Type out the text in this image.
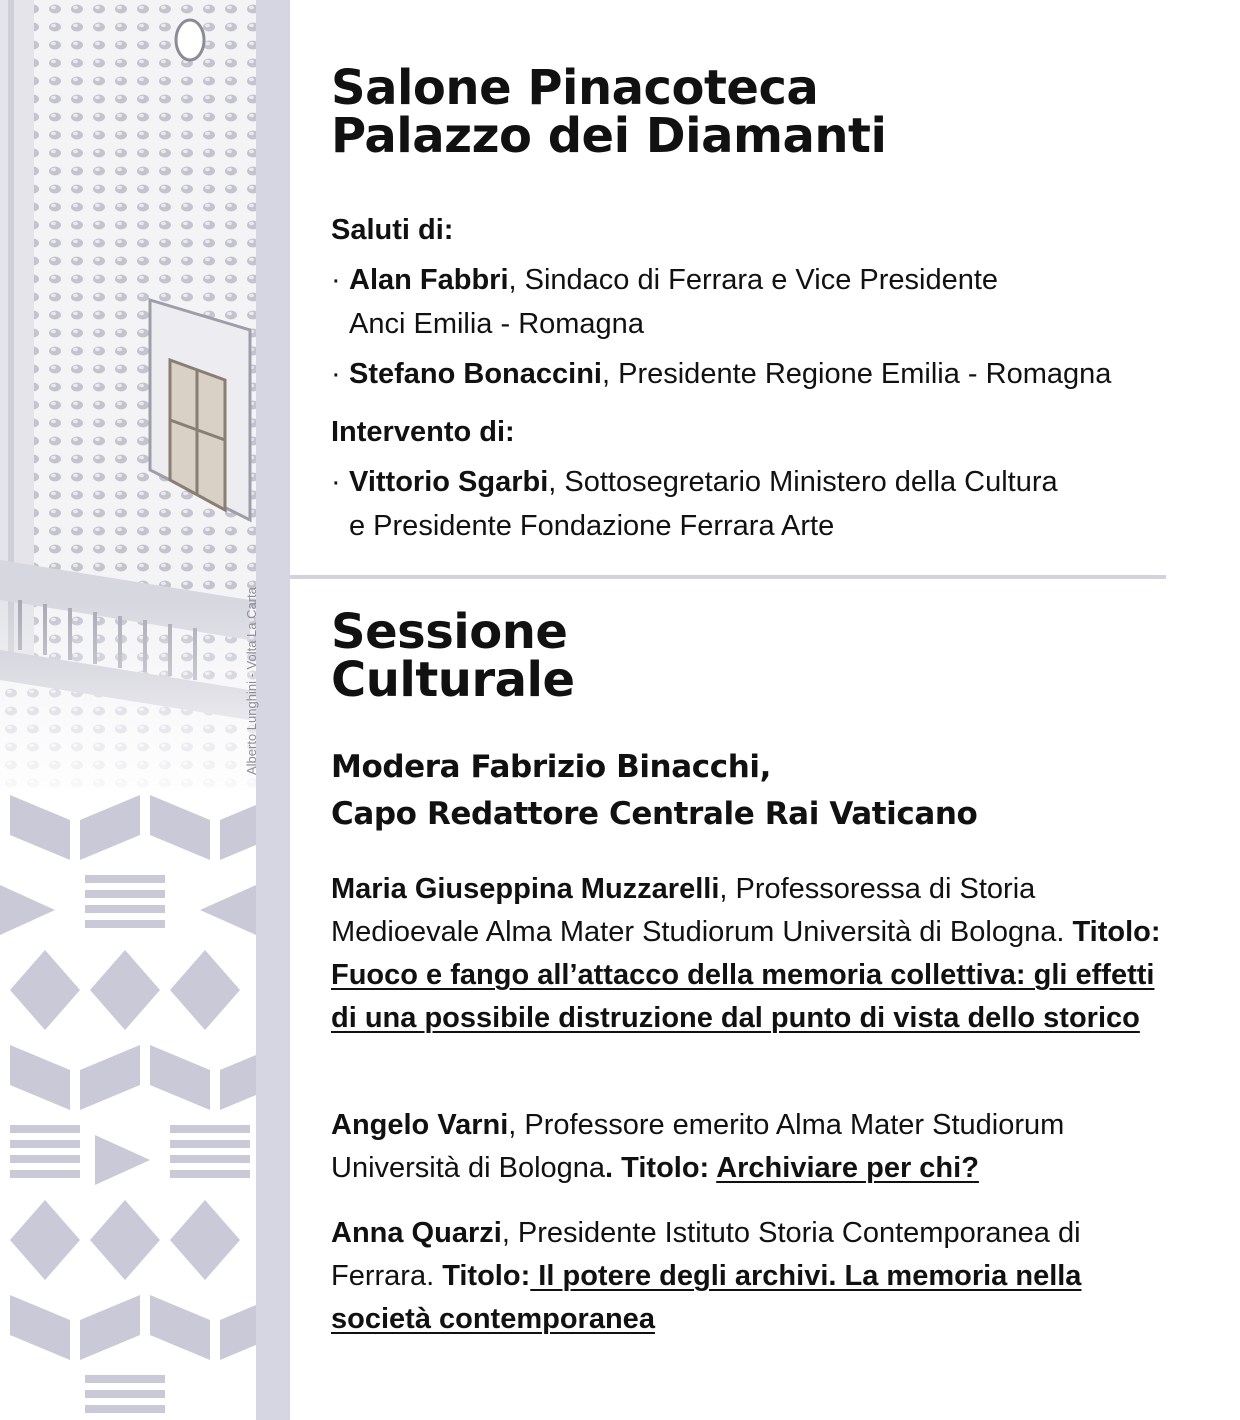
Alberto Lunghini - Volta La Carta
Salone Pinacoteca
Palazzo dei Diamanti

Saluti di:

· Alan Fabbri, Sindaco di Ferrara e Vice Presidente
Anci Emilia - Romagna
· Stefano Bonaccini, Presidente Regione Emilia - Romagna

Intervento di:

· Vittorio Sgarbi, Sottosegretario Ministero della Cultura
e Presidente Fondazione Ferrara Arte
Sessione
Culturale

Modera Fabrizio Binacchi,

Capo Redattore Centrale Rai Vaticano

Maria Giuseppina Muzzarelli, Professoressa di Storia Medioevale Alma Mater Studiorum Università di Bologna. Titolo: Fuoco e fango all’attacco della memoria collettiva: gli effetti di una possibile distruzione dal punto di vista dello storico

Angelo Varni, Professore emerito Alma Mater Studiorum Università di Bologna. Titolo: Archiviare per chi?

Anna Quarzi, Presidente Istituto Storia Contemporanea di Ferrara. Titolo: Il potere degli archivi. La memoria nella società contemporanea
